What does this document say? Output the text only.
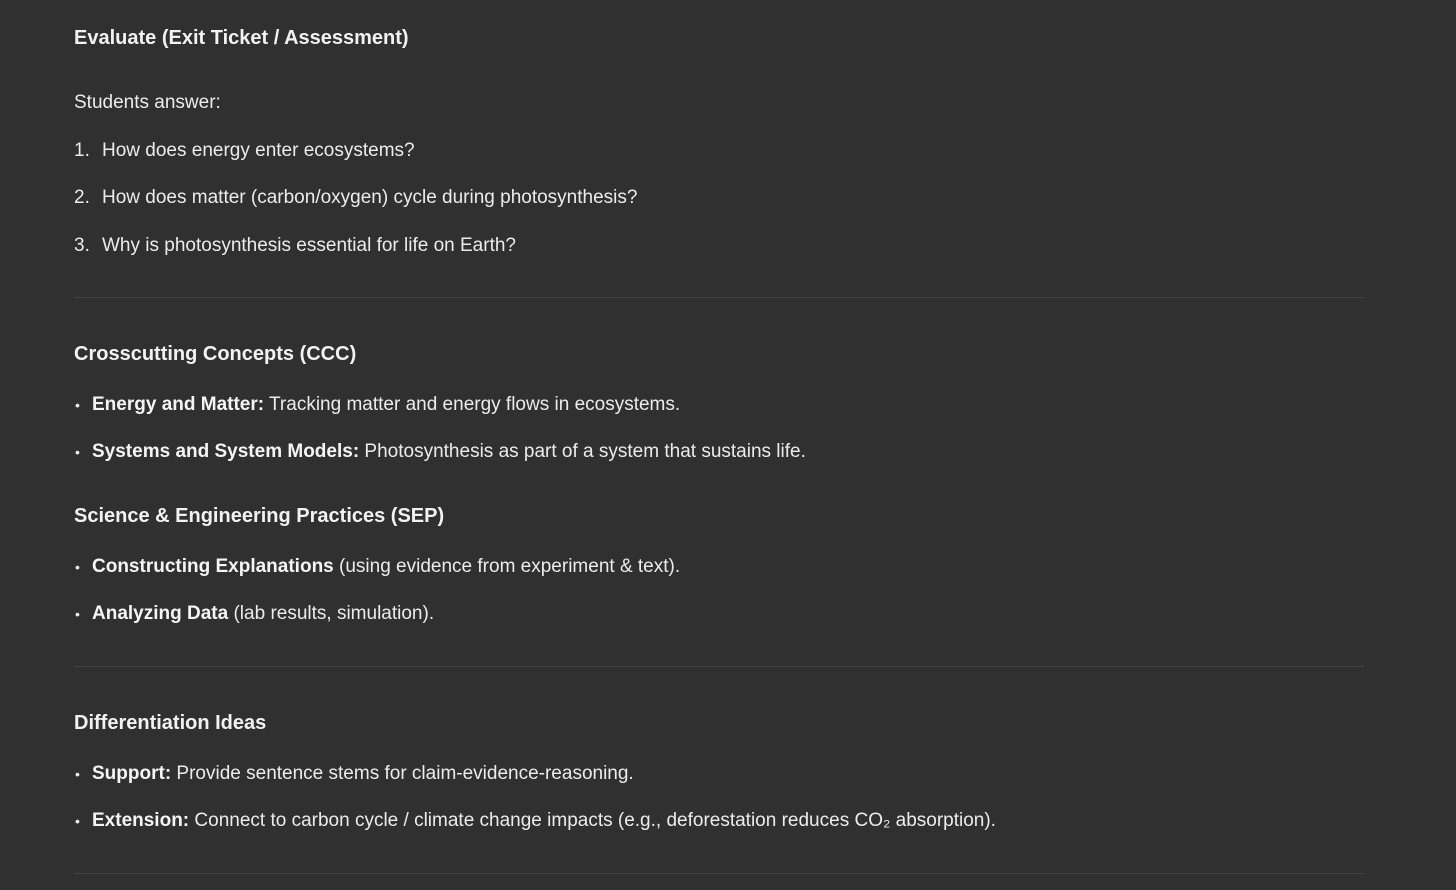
Evaluate (Exit Ticket / Assessment)
Students answer:
1. How does energy enter ecosystems?
2. How does matter (carbon/oxygen) cycle during photosynthesis?
3. Why is photosynthesis essential for life on Earth?
Crosscutting Concepts (CCC)
• Energy and Matter: Tracking matter and energy flows in ecosystems.
• Systems and System Models: Photosynthesis as part of a system that sustains life.
Science & Engineering Practices (SEP)
• Constructing Explanations (using evidence from experiment & text).
• Analyzing Data (lab results, simulation).
Differentiation Ideas
• Support: Provide sentence stems for claim-evidence-reasoning.
• Extension: Connect to carbon cycle / climate change impacts (e.g., deforestation reduces CO₂ absorption).
